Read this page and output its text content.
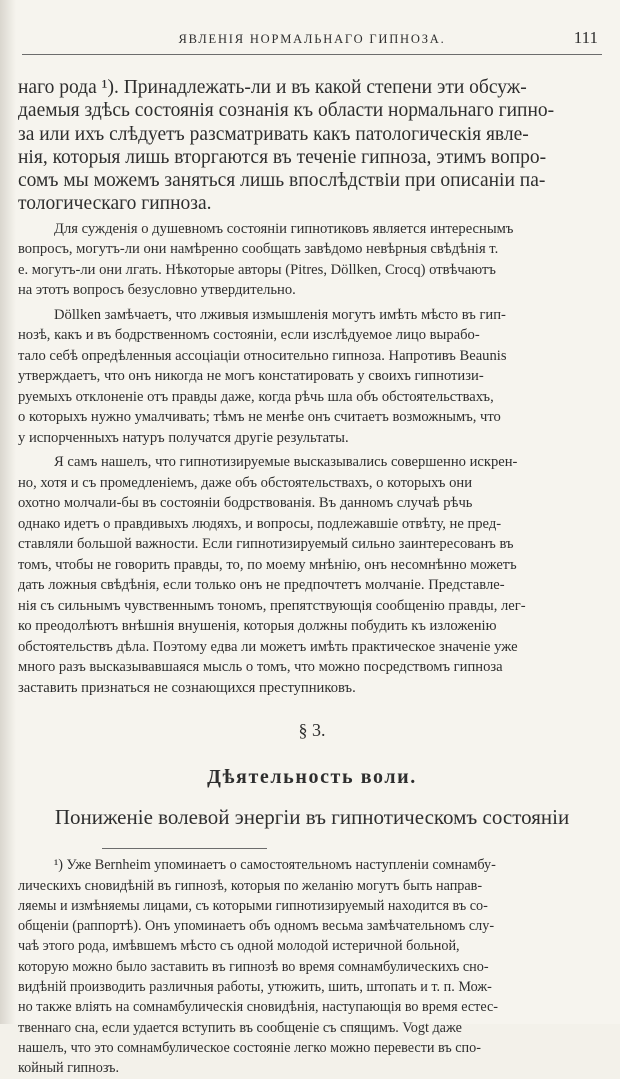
ЯВЛЕНІЯ НОРМАЛЬНАГО ГИПНОЗА.	111
наго рода ¹). Принадлежать-ли и въ какой степени эти обсуж-
даемыя здѣсь состоянія сознанія къ области нормальнаго гипно-
за или ихъ слѣдуетъ разсматривать какъ патологическія явле-
нія, которыя лишь вторгаются въ теченіе гипноза, этимъ вопро-
сомъ мы можемъ заняться лишь впослѣдствіи при описаніи па-
тологическаго гипноза.
Для сужденія о душевномъ состояніи гипнотиковъ является интереснымъ
вопросъ, могутъ-ли они намѣренно сообщать завѣдомо невѣрныя свѣдѣнія т.
е. могутъ-ли они лгать. Нѣкоторые авторы (Pitres, Döllken, Crocq) отвѣчаютъ
на этотъ вопросъ безусловно утвердительно.
Döllken замѣчаетъ, что лживыя измышленія могутъ имѣть мѣсто въ гип-
нозѣ, какъ и въ бодрственномъ состояніи, если изслѣдуемое лицо вырабо-
тало себѣ опредѣленныя ассоціаціи относительно гипноза. Напротивъ Beaunis
утверждаетъ, что онъ никогда не могъ констатировать у своихъ гипнотизи-
руемыхъ отклоненіе отъ правды даже, когда рѣчь шла объ обстоятельствахъ,
о которыхъ нужно умалчивать; тѣмъ не менѣе онъ считаетъ возможнымъ, что
у испорченныхъ натуръ получатся другіе результаты.
Я самъ нашелъ, что гипнотизируемые высказывались совершенно искрен-
но, хотя и съ промедленіемъ, даже объ обстоятельствахъ, о которыхъ они
охотно молчали-бы въ состояніи бодрствованія. Въ данномъ случаѣ рѣчь
однако идетъ о правдивыхъ людяхъ, и вопросы, подлежавшіе отвѣту, не пред-
ставляли большой важности. Если гипнотизируемый сильно заинтересованъ въ
томъ, чтобы не говорить правды, то, по моему мнѣнію, онъ несомнѣнно можетъ
дать ложныя свѣдѣнія, если только онъ не предпочтетъ молчаніе. Представле-
нія съ сильнымъ чувственнымъ тономъ, препятствующія сообщенію правды, лег-
ко преодолѣютъ внѣшнія внушенія, которыя должны побудить къ изложенію
обстоятельствъ дѣла. Поэтому едва ли можетъ имѣть практическое значеніе уже
много разъ высказывавшаяся мысль о томъ, что можно посредствомъ гипноза
заставить признаться не сознающихся преступниковъ.
§ 3.
Дѣятельность воли.
Пониженіе волевой энергіи въ гипнотическомъ состояніи
¹) Уже Bernheim упоминаетъ о самостоятельномъ наступленіи сомнамбу-
лическихъ сновидѣній въ гипнозѣ, которыя по желанію могутъ быть направ-
ляемы и измѣняемы лицами, съ которыми гипнотизируемый находится въ со-
общеніи (раппортѣ). Онъ упоминаетъ объ одномъ весьма замѣчательномъ слу-
чаѣ этого рода, имѣвшемъ мѣсто съ одной молодой истеричной больной,
которую можно было заставить въ гипнозѣ во время сомнамбулическихъ сно-
видѣній производить различныя работы, утюжить, шить, штопать и т. п. Мож-
но также вліять на сомнамбулическія сновидѣнія, наступающія во время естес-
твеннаго сна, если удается вступить въ сообщеніе съ спящимъ. Vogt даже
нашелъ, что это сомнамбулическое состояніе легко можно перевести въ спо-
койный гипнозъ.
